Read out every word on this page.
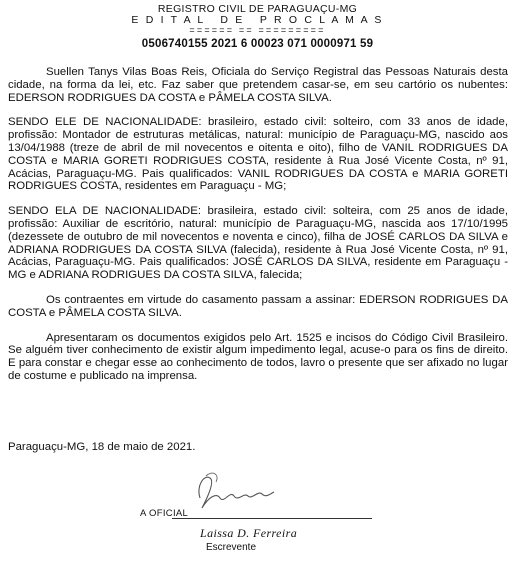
REGISTRO CIVIL DE PARAGUAÇU-MG
E D I T A L   D E   P R O C L A M A S
====== == =========
0506740155 2021 6 00023 071 0000971 59

Suellen Tanys Vilas Boas Reis, Oficiala do Serviço Registral das Pessoas Naturais desta cidade, na forma da lei, etc. Faz saber que pretendem casar-se, em seu cartório os nubentes: EDERSON RODRIGUES DA COSTA e PÂMELA COSTA SILVA.

SENDO ELE DE NACIONALIDADE: brasileiro, estado civil: solteiro, com 33 anos de idade, profissão: Montador de estruturas metálicas, natural: município de Paraguaçu-MG, nascido aos 13/04/1988 (treze de abril de mil novecentos e oitenta e oito), filho de VANIL RODRIGUES DA COSTA e MARIA GORETI RODRIGUES COSTA, residente à Rua José Vicente Costa, nº 91, Acácias, Paraguaçu-MG. Pais qualificados: VANIL RODRIGUES DA COSTA e MARIA GORETI RODRIGUES COSTA, residentes em Paraguaçu - MG;

SENDO ELA DE NACIONALIDADE: brasileira, estado civil: solteira, com 25 anos de idade, profissão: Auxiliar de escritório, natural: município de Paraguaçu-MG, nascida aos 17/10/1995 (dezessete de outubro de mil novecentos e noventa e cinco), filha de JOSÉ CARLOS DA SILVA e ADRIANA RODRIGUES DA COSTA SILVA (falecida), residente à Rua José Vicente Costa, nº 91, Acácias, Paraguaçu-MG. Pais qualificados: JOSÉ CARLOS DA SILVA, residente em Paraguaçu - MG e ADRIANA RODRIGUES DA COSTA SILVA, falecida;

Os contraentes em virtude do casamento passam a assinar: EDERSON RODRIGUES DA COSTA e PÂMELA COSTA SILVA.

Apresentaram os documentos exigidos pelo Art. 1525 e incisos do Código Civil Brasileiro. Se alguém tiver conhecimento de existir algum impedimento legal, acuse-o para os fins de direito. E para constar e chegar esse ao conhecimento de todos, lavro o presente que ser afixado no lugar de costume e publicado na imprensa.

Paraguaçu-MG, 18 de maio de 2021.
A OFICIAL
Laissa D. Ferreira
Escrevente
